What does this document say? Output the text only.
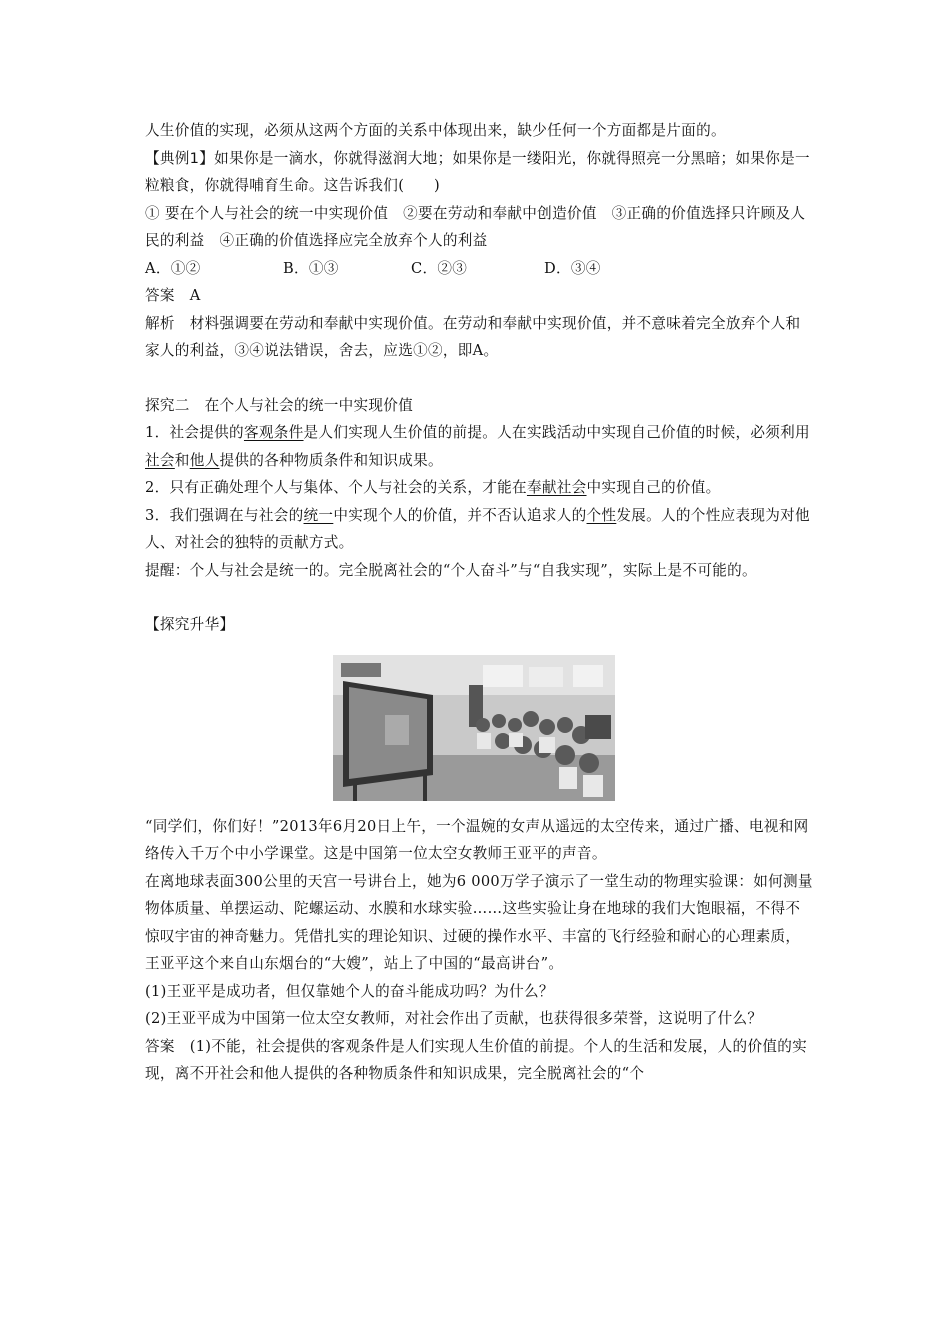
人生价值的实现，必须从这两个方面的关系中体现出来，缺少任何一个方面都是片面的。

【典例1】如果你是一滴水，你就得滋润大地；如果你是一缕阳光，你就得照亮一分黑暗；如果你是一粒粮食，你就得哺育生命。这告诉我们(　　)

① 要在个人与社会的统一中实现价值　②要在劳动和奉献中创造价值　③正确的价值选择只许顾及人民的利益　④正确的价值选择应完全放弃个人的利益

A．①②	B．①③	C．②③	D．③④

答案　 A

解析　 材料强调要在劳动和奉献中实现价值。在劳动和奉献中实现价值，并不意味着完全放弃个人和家人的利益，③④说法错误，舍去，应选①②，即A。

探究二　在个人与社会的统一中实现价值

1．社会提供的客观条件是人们实现人生价值的前提。人在实践活动中实现自己价值的时候，必须利用社会和他人提供的各种物质条件和知识成果。

2．只有正确处理个人与集体、个人与社会的关系，才能在奉献社会中实现自己的价值。

3．我们强调在与社会的统一中实现个人的价值，并不否认追求人的个性发展。人的个性应表现为对他人、对社会的独特的贡献方式。

提醒：个人与社会是统一的。完全脱离社会的“个人奋斗”与“自我实现”，实际上是不可能的。

【探究升华】

“同学们，你们好！”2013年6月20日上午，一个温婉的女声从遥远的太空传来，通过广播、电视和网络传入千万个中小学课堂。这是中国第一位太空女教师王亚平的声音。

在离地球表面300公里的天宫一号讲台上，她为6 000万学子演示了一堂生动的物理实验课：如何测量物体质量、单摆运动、陀螺运动、水膜和水球实验……这些实验让身在地球的我们大饱眼福，不得不惊叹宇宙的神奇魅力。凭借扎实的理论知识、过硬的操作水平、丰富的飞行经验和耐心的心理素质，王亚平这个来自山东烟台的“大嫂”，站上了中国的“最高讲台”。

(1)王亚平是成功者，但仅靠她个人的奋斗能成功吗？为什么？

(2)王亚平成为中国第一位太空女教师，对社会作出了贡献，也获得很多荣誉，这说明了什么？

答案　 (1)不能，社会提供的客观条件是人们实现人生价值的前提。个人的生活和发展，人的价值的实现，离不开社会和他人提供的各种物质条件和知识成果，完全脱离社会的“个
